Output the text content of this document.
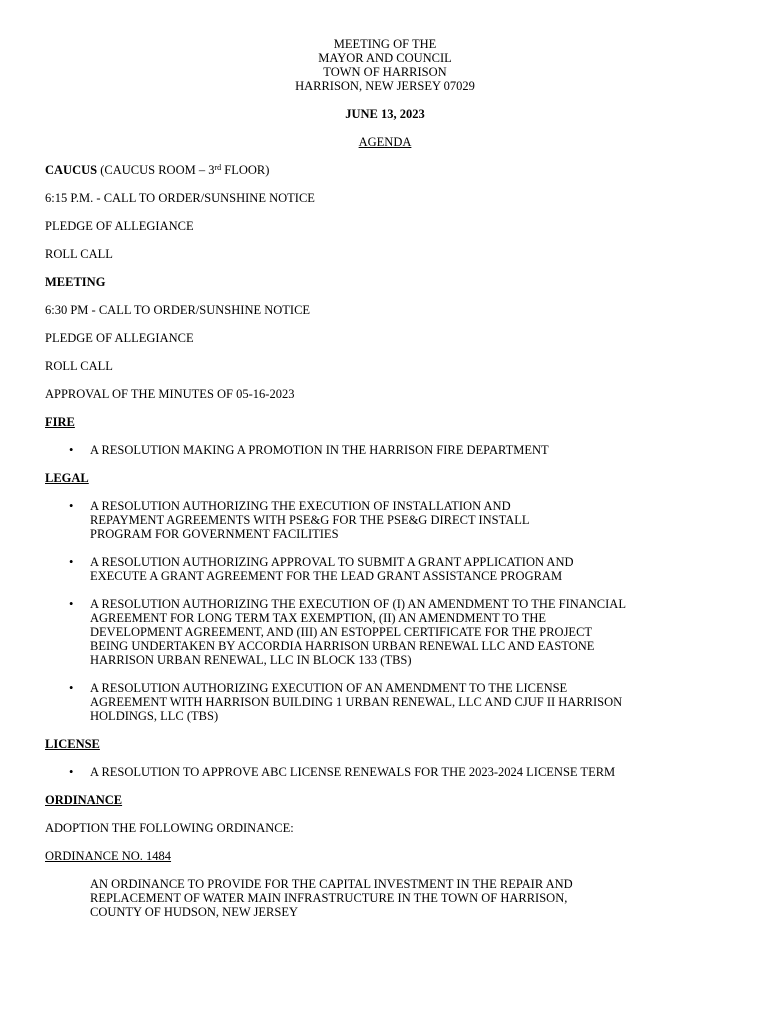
MEETING OF THE
MAYOR AND COUNCIL
TOWN OF HARRISON
HARRISON, NEW JERSEY 07029
JUNE 13, 2023
AGENDA
CAUCUS (CAUCUS ROOM – 3rd FLOOR)
6:15 P.M. - CALL TO ORDER/SUNSHINE NOTICE
PLEDGE OF ALLEGIANCE
ROLL CALL
MEETING
6:30 PM - CALL TO ORDER/SUNSHINE NOTICE
PLEDGE OF ALLEGIANCE
ROLL CALL
APPROVAL OF THE MINUTES OF 05-16-2023
FIRE
• A RESOLUTION MAKING A PROMOTION IN THE HARRISON FIRE DEPARTMENT
LEGAL
• A RESOLUTION AUTHORIZING THE EXECUTION OF INSTALLATION AND
REPAYMENT AGREEMENTS WITH PSE&G FOR THE PSE&G DIRECT INSTALL
PROGRAM FOR GOVERNMENT FACILITIES
• A RESOLUTION AUTHORIZING APPROVAL TO SUBMIT A GRANT APPLICATION AND
EXECUTE A GRANT AGREEMENT FOR THE LEAD GRANT ASSISTANCE PROGRAM
• A RESOLUTION AUTHORIZING THE EXECUTION OF (I) AN AMENDMENT TO THE FINANCIAL
AGREEMENT FOR LONG TERM TAX EXEMPTION, (II) AN AMENDMENT TO THE
DEVELOPMENT AGREEMENT, AND (III) AN ESTOPPEL CERTIFICATE FOR THE PROJECT
BEING UNDERTAKEN BY ACCORDIA HARRISON URBAN RENEWAL LLC AND EASTONE
HARRISON URBAN RENEWAL, LLC IN BLOCK 133 (TBS)
• A RESOLUTION AUTHORIZING EXECUTION OF AN AMENDMENT TO THE LICENSE
AGREEMENT WITH HARRISON BUILDING 1 URBAN RENEWAL, LLC AND CJUF II HARRISON
HOLDINGS, LLC (TBS)
LICENSE
• A RESOLUTION TO APPROVE ABC LICENSE RENEWALS FOR THE 2023-2024 LICENSE TERM
ORDINANCE
ADOPTION THE FOLLOWING ORDINANCE:
ORDINANCE NO. 1484
AN ORDINANCE TO PROVIDE FOR THE CAPITAL INVESTMENT IN THE REPAIR AND
REPLACEMENT OF WATER MAIN INFRASTRUCTURE IN THE TOWN OF HARRISON,
COUNTY OF HUDSON, NEW JERSEY
